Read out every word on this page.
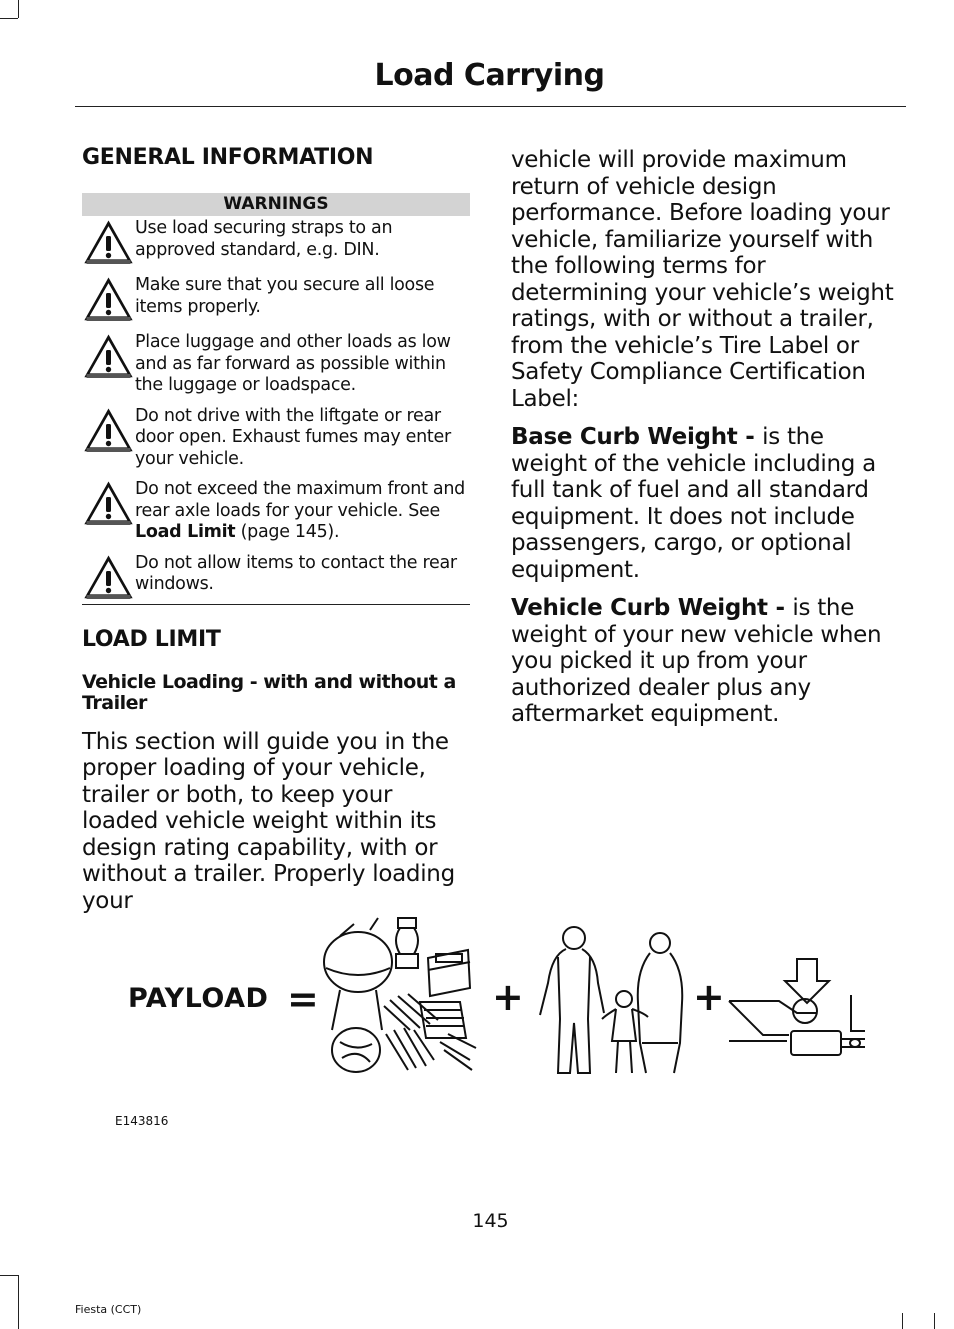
Load Carrying
GENERAL INFORMATION
WARNINGS
Use load securing straps to an approved standard, e.g. DIN.
Make sure that you secure all loose items properly.
Place luggage and other loads as low and as far forward as possible within the luggage or loadspace.
Do not drive with the liftgate or rear door open. Exhaust fumes may enter your vehicle.
Do not exceed the maximum front and rear axle loads for your vehicle. See Load Limit (page 145).
Do not allow items to contact the rear windows.
LOAD LIMIT
Vehicle Loading - with and without a Trailer

This section will guide you in the proper loading of your vehicle, trailer or both, to keep your loaded vehicle weight within its design rating capability, with or without a trailer. Properly loading your

vehicle will provide maximum return of vehicle design performance. Before loading your vehicle, familiarize yourself with the following terms for determining your vehicle’s weight ratings, with or without a trailer, from the vehicle’s Tire Label or Safety Compliance Certification Label:

Base Curb Weight - is the weight of the vehicle including a full tank of fuel and all standard equipment. It does not include passengers, cargo, or optional equipment.

Vehicle Curb Weight - is the weight of your new vehicle when you picked it up from your authorized dealer plus any aftermarket equipment.

PAYLOAD =	+	+
E143816
145
Fiesta (CCT)
